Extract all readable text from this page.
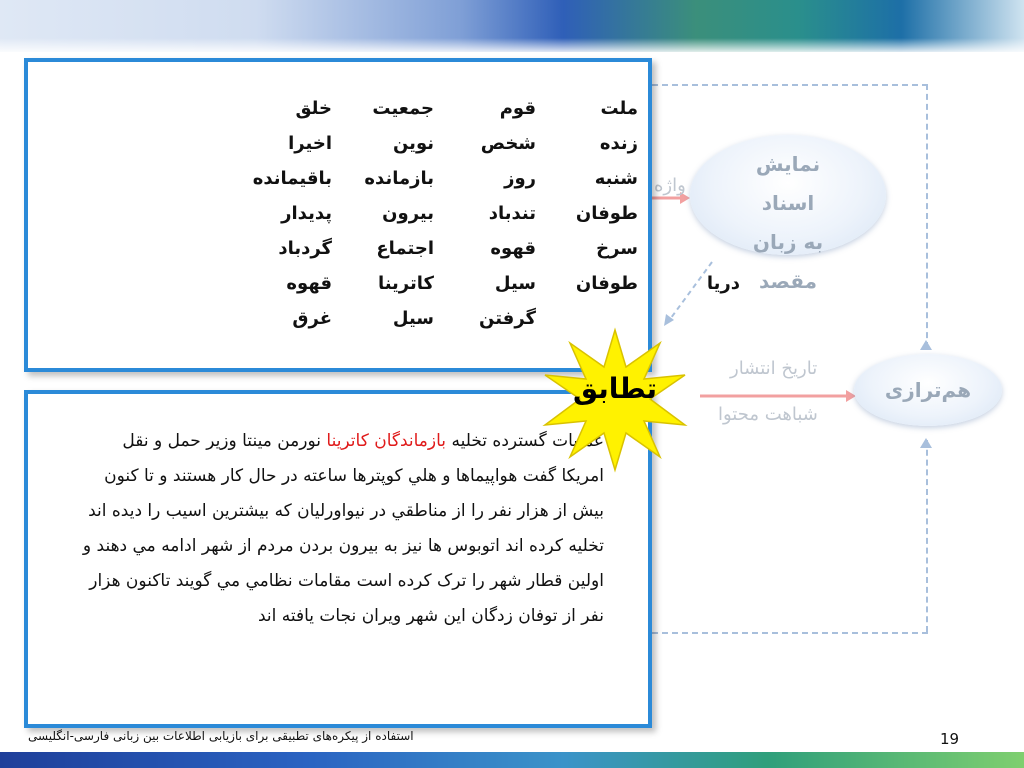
واژه
تاریخ انتشار
شباهت محتوا
نمایش
اسناد
به زبان
مقصد
هم‌ترازی
ملت
قوم
جمعیت
خلق
زنده
شخص
نوین
اخیرا
شنبه
روز
بازمانده
باقیمانده
طوفان
تندباد
بیرون
پدیدار
سرخ
قهوه
اجتماع
گردباد
دریا
طوفان
سیل
کاترینا
قهوه
گرفتن
سیل
غرق
عملیات گسترده تخلیه بازماندگان کاترینا نورمن مینتا وزیر حمل و نقل امریکا گفت هواپیماها و هلي کوپترها ساعته در حال کار هستند و تا کنون بیش از هزار نفر را از مناطقي در نیواورلیان که بیشترین اسیب را دیده اند تخلیه کرده اند اتوبوس ها نیز به بیرون بردن مردم از شهر ادامه مي دهند و اولین قطار شهر را ترک کرده است مقامات نظامي مي گویند تاکنون هزار نفر از توفان زدگان این شهر ویران نجات یافته اند
تطابق
استفاده از پیکره‌های تطبیقی برای بازیابی اطلاعات بین زبانی فارسی-انگلیسی	19
